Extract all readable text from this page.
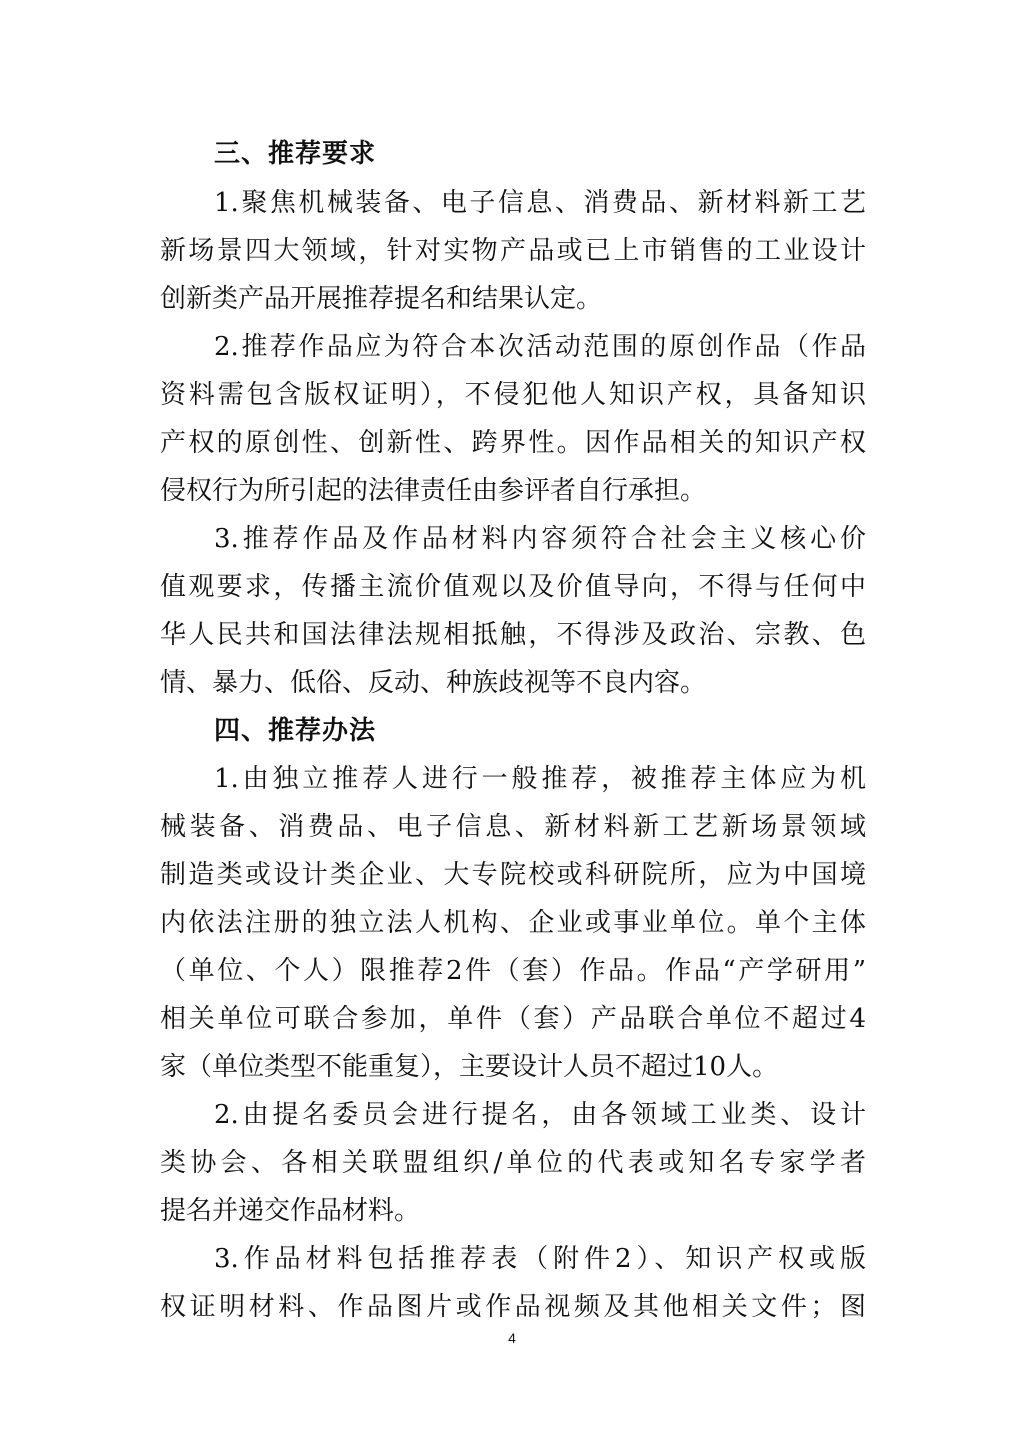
三、推荐要求
1.聚焦机械装备、电子信息、消费品、新材料新工艺
新场景四大领域，针对实物产品或已上市销售的工业设计
创新类产品开展推荐提名和结果认定。
2.推荐作品应为符合本次活动范围的原创作品（作品
资料需包含版权证明），不侵犯他人知识产权，具备知识
产权的原创性、创新性、跨界性。因作品相关的知识产权
侵权行为所引起的法律责任由参评者自行承担。
3.推荐作品及作品材料内容须符合社会主义核心价
值观要求，传播主流价值观以及价值导向，不得与任何中
华人民共和国法律法规相抵触，不得涉及政治、宗教、色
情、暴力、低俗、反动、种族歧视等不良内容。
四、推荐办法
1.由独立推荐人进行一般推荐，被推荐主体应为机
械装备、消费品、电子信息、新材料新工艺新场景领域
制造类或设计类企业、大专院校或科研院所，应为中国境
内依法注册的独立法人机构、企业或事业单位。单个主体
（单位、个人）限推荐2件（套）作品。作品“产学研用”
相关单位可联合参加，单件（套）产品联合单位不超过4
家（单位类型不能重复），主要设计人员不超过10人。
2.由提名委员会进行提名，由各领域工业类、设计
类协会、各相关联盟组织/单位的代表或知名专家学者
提名并递交作品材料。
3.作品材料包括推荐表（附件2）、知识产权或版
权证明材料、作品图片或作品视频及其他相关文件；图
4
